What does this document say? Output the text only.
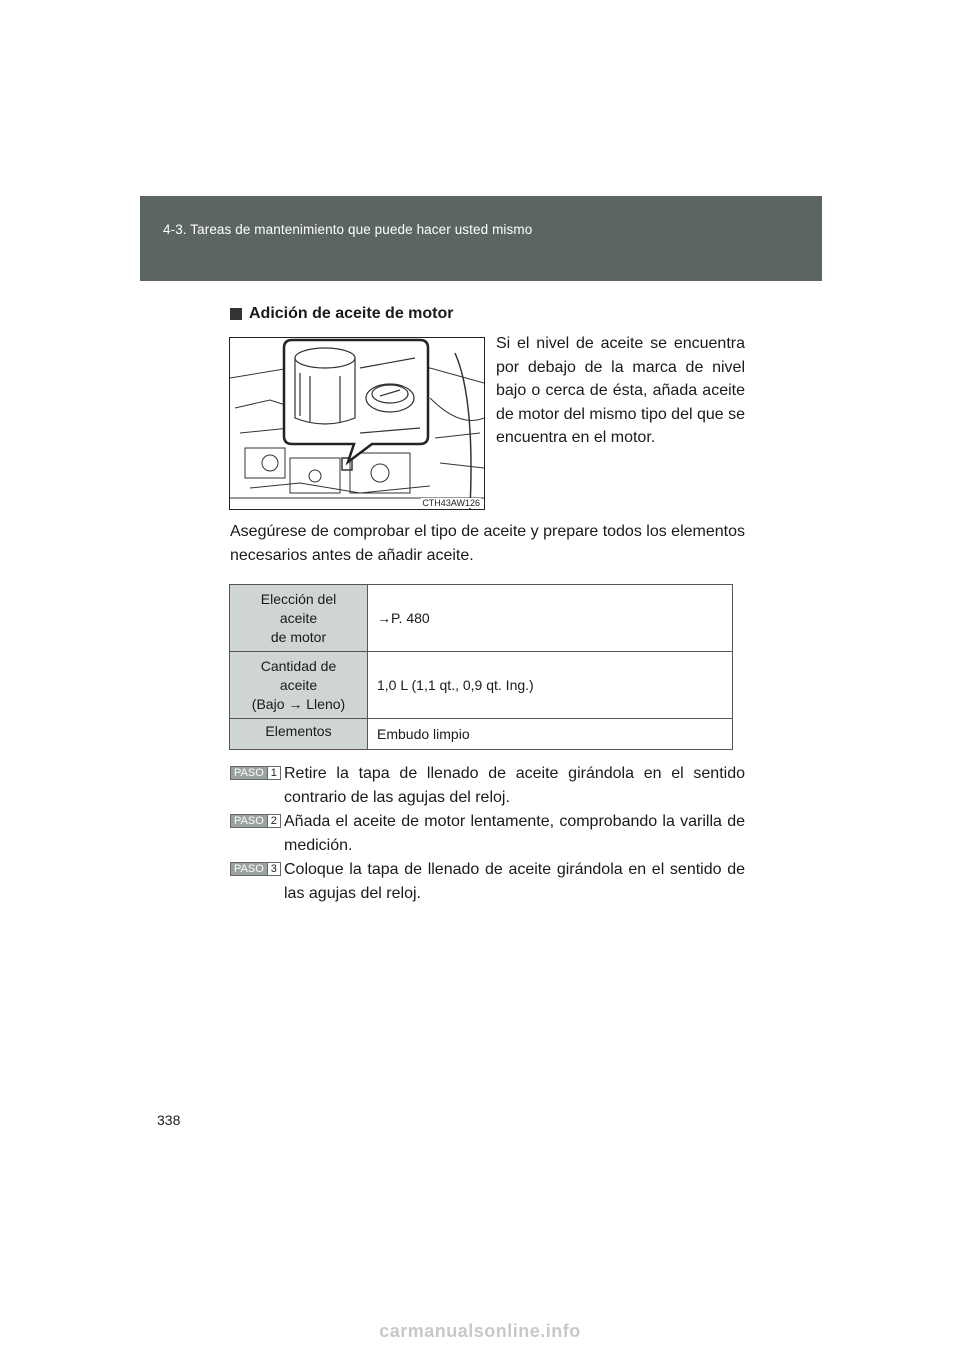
4-3. Tareas de mantenimiento que puede hacer usted mismo
Adición de aceite de motor
CTH43AW126
Si el nivel de aceite se encuentra por debajo de la marca de nivel bajo o cerca de ésta, añada aceite de motor del mismo tipo del que se encuentra en el motor.
Asegúrese de comprobar el tipo de aceite y prepare todos los elementos necesarios antes de añadir aceite.
Elección del
aceite
de motor	→P. 480

Cantidad de
aceite
(Bajo → Lleno)	1,0 L (1,1 qt., 0,9 qt. Ing.)

Elementos	Embudo limpio
PASO 1 Retire la tapa de llenado de aceite girándola en el sentido contrario de las agujas del reloj.
PASO 2 Añada el aceite de motor lentamente, comprobando la varilla de medición.
PASO 3 Coloque la tapa de llenado de aceite girándola en el sentido de las agujas del reloj.
338
carmanualsonline.info
